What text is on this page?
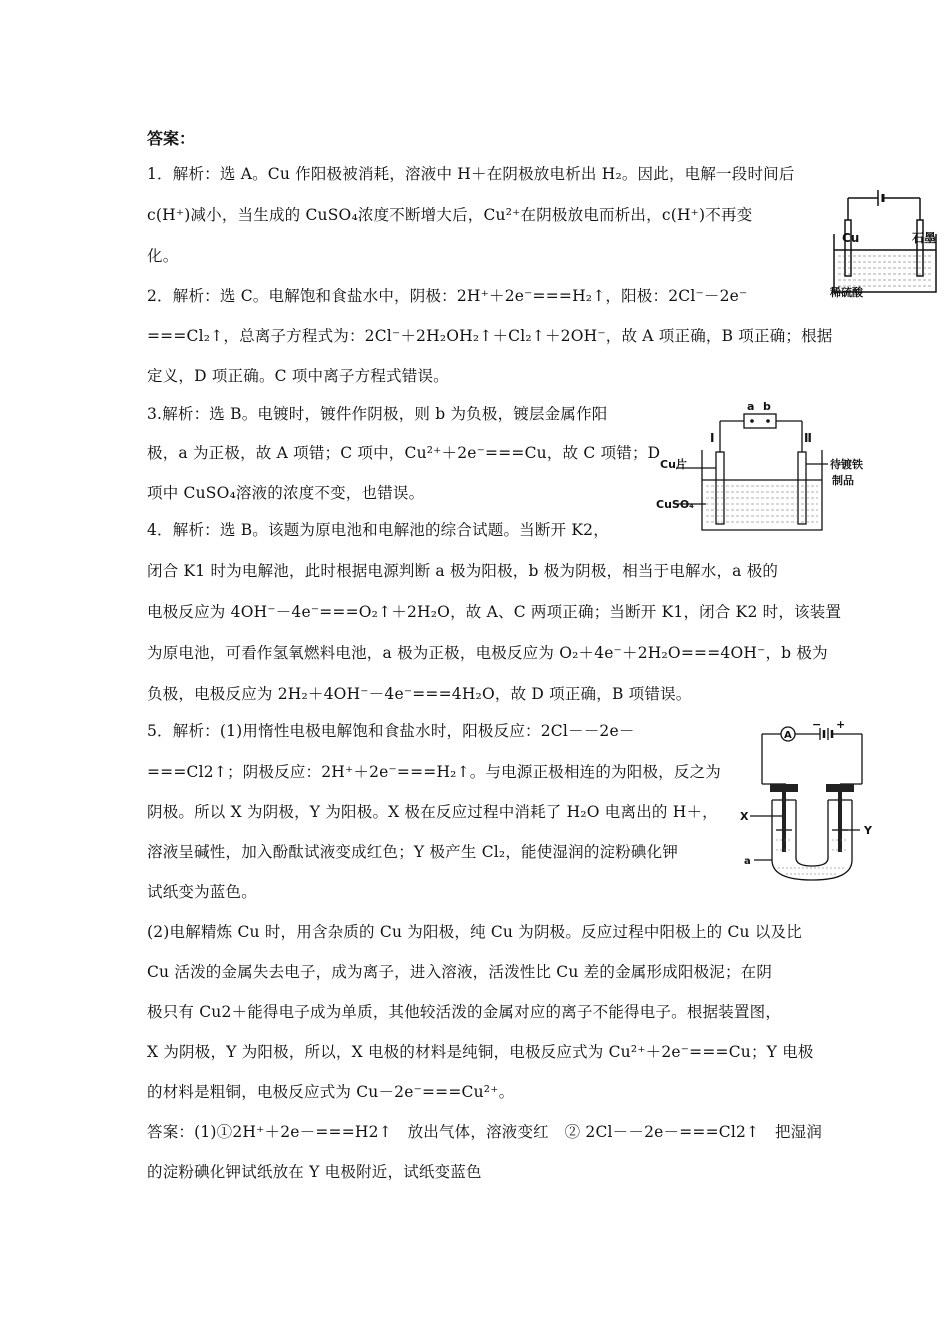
答案：
1．解析：选 A。Cu 作阳极被消耗，溶液中 H＋在阴极放电析出 H₂。因此，电解一段时间后
c(H⁺)减小，当生成的 CuSO₄浓度不断增大后，Cu²⁺在阴极放电而析出，c(H⁺)不再变
化。
2．解析：选 C。电解饱和食盐水中，阴极：2H⁺＋2e⁻===H₂↑，阳极：2Cl⁻－2e⁻
===Cl₂↑，总离子方程式为：2Cl⁻＋2H₂OH₂↑＋Cl₂↑＋2OH⁻，故 A 项正确，B 项正确；根据
定义，D 项正确。C 项中离子方程式错误。
3.解析：选 B。电镀时，镀件作阴极，则 b 为负极，镀层金属作阳
极，a 为正极，故 A 项错；C 项中，Cu²⁺＋2e⁻===Cu，故 C 项错；D
项中 CuSO₄溶液的浓度不变，也错误。
4．解析：选 B。该题为原电池和电解池的综合试题。当断开 K2，
闭合 K1 时为电解池，此时根据电源判断 a 极为阳极，b 极为阴极，相当于电解水，a 极的
电极反应为 4OH⁻－4e⁻===O₂↑＋2H₂O，故 A、C 两项正确；当断开 K1，闭合 K2 时，该装置
为原电池，可看作氢氧燃料电池，a 极为正极，电极反应为 O₂＋4e⁻＋2H₂O===4OH⁻，b 极为
负极，电极反应为 2H₂＋4OH⁻－4e⁻===4H₂O，故 D 项正确，B 项错误。
5．解析：(1)用惰性电极电解饱和食盐水时，阳极反应：2Cl－－2e－
===Cl2↑；阴极反应：2H⁺＋2e⁻===H₂↑。与电源正极相连的为阳极，反之为
阴极。所以 X 为阴极，Y 为阳极。X 极在反应过程中消耗了 H₂O 电离出的 H＋，
溶液呈碱性，加入酚酞试液变成红色；Y 极产生 Cl₂，能使湿润的淀粉碘化钾
试纸变为蓝色。
(2)电解精炼 Cu 时，用含杂质的 Cu 为阳极，纯 Cu 为阴极。反应过程中阳极上的 Cu 以及比
Cu 活泼的金属失去电子，成为离子，进入溶液，活泼性比 Cu 差的金属形成阳极泥；在阴
极只有 Cu2＋能得电子成为单质，其他较活泼的金属对应的离子不能得电子。根据装置图，
X 为阴极，Y 为阳极，所以，X 电极的材料是纯铜，电极反应式为 Cu²⁺＋2e⁻===Cu；Y 电极
的材料是粗铜，电极反应式为 Cu－2e⁻===Cu²⁺。
答案：(1)①2H⁺＋2e－===H2↑　放出气体，溶液变红　② 2Cl－－2e－===Cl2↑　把湿润
的淀粉碘化钾试纸放在 Y 电极附近，试纸变蓝色
Cu	石墨
稀硫酸
a b
Ⅰ	Ⅱ
Cu片
CuSO₄
待镀铁
制品
A
− +
X
Y
a
